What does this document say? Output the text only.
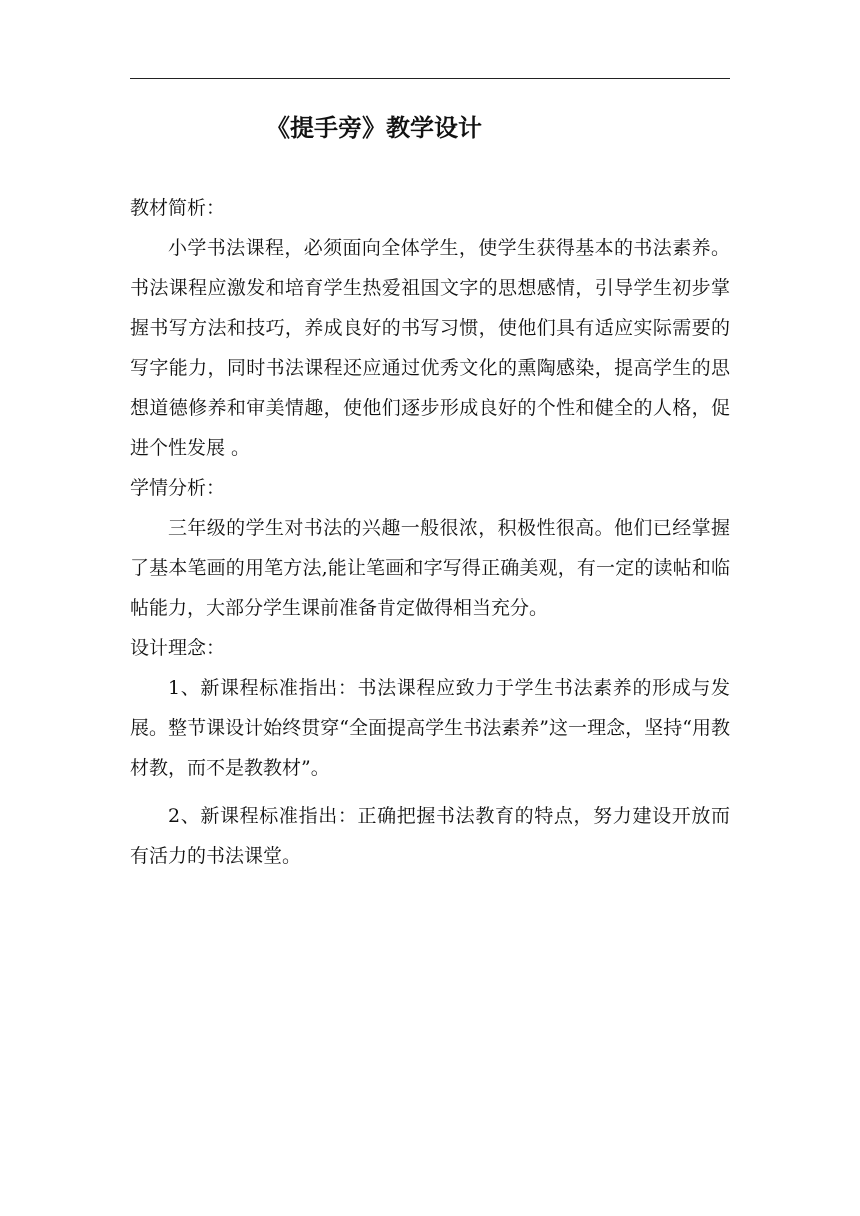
《提手旁》教学设计

教材简析：

小学书法课程，必须面向全体学生，使学生获得基本的书法素养。书法课程应激发和培育学生热爱祖国文字的思想感情，引导学生初步掌握书写方法和技巧，养成良好的书写习惯，使他们具有适应实际需要的写字能力，同时书法课程还应通过优秀文化的熏陶感染，提高学生的思想道德修养和审美情趣，使他们逐步形成良好的个性和健全的人格，促进个性发展 。

学情分析：

三年级的学生对书法的兴趣一般很浓，积极性很高。他们已经掌握了基本笔画的用笔方法,能让笔画和字写得正确美观，有一定的读帖和临帖能力，大部分学生课前准备肯定做得相当充分。

设计理念：

1、新课程标准指出：书法课程应致力于学生书法素养的形成与发展。整节课设计始终贯穿“全面提高学生书法素养”这一理念，坚持“用教材教，而不是教教材”。

2、新课程标准指出：正确把握书法教育的特点，努力建设开放而有活力的书法课堂。
